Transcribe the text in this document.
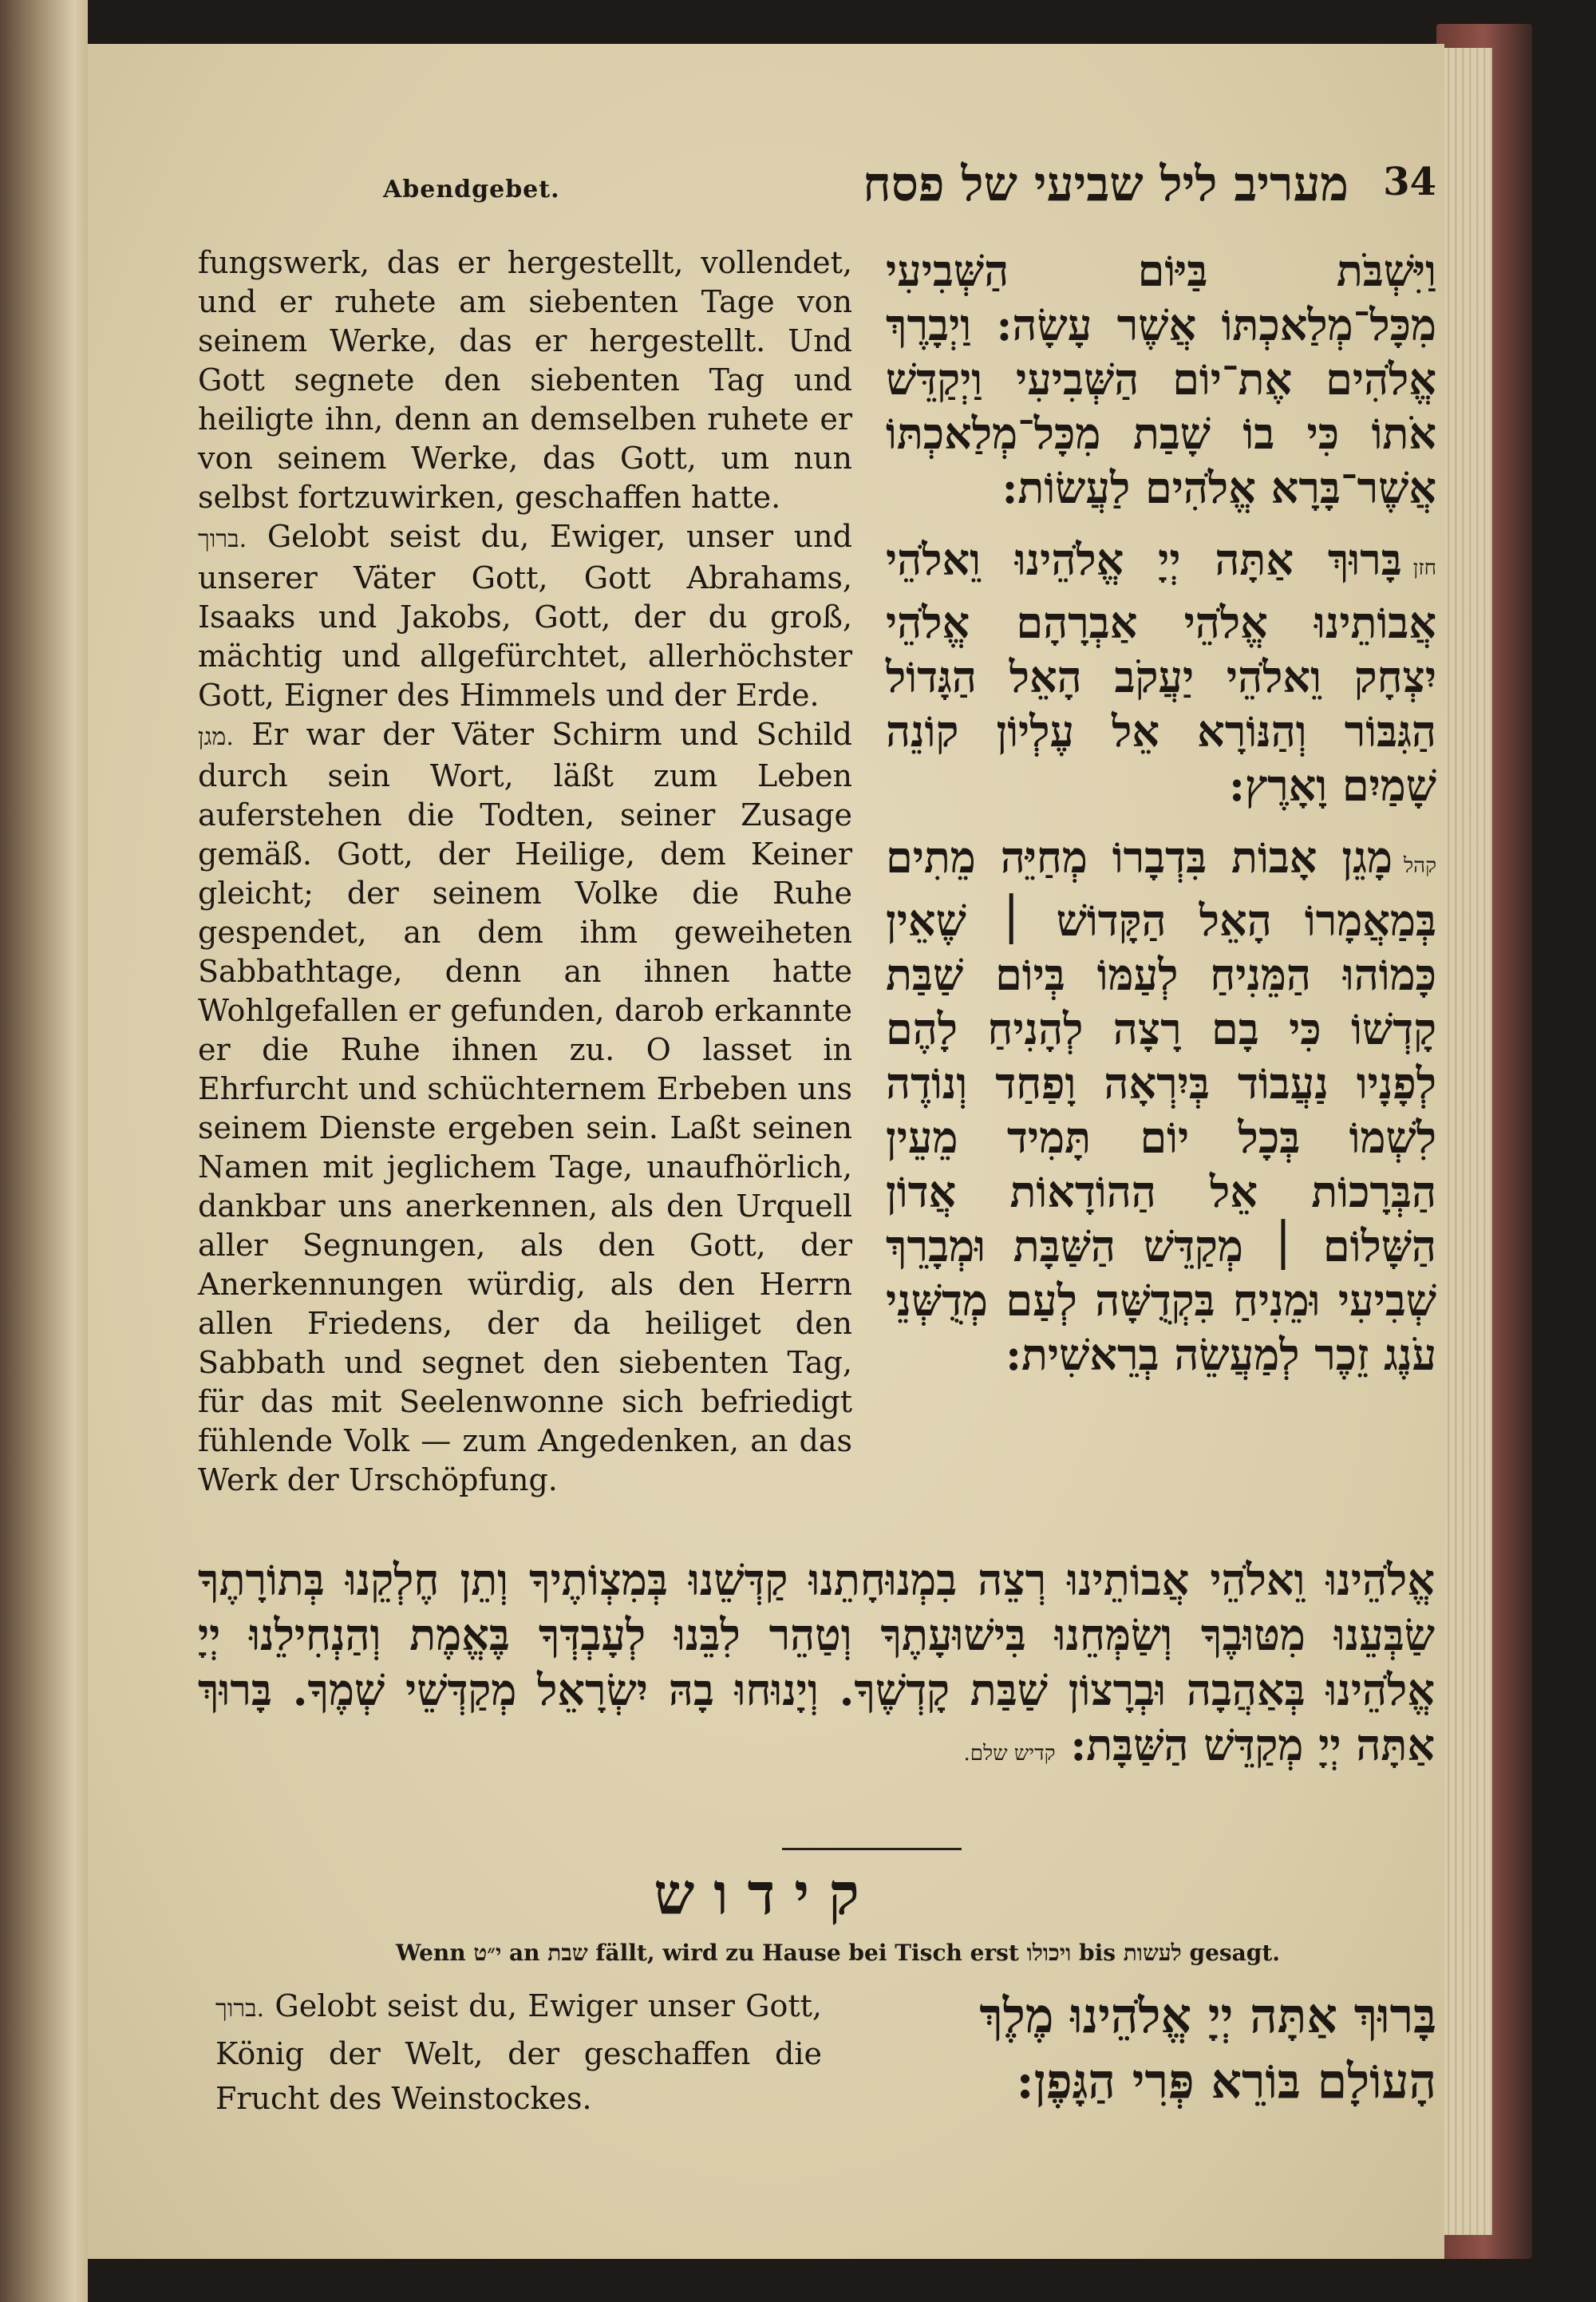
Abendgebet.	מעריב ליל שביעי של פסח 34

fungswerk, das er hergestellt, vollendet, und er ruhete am siebenten Tage von seinem Werke, das er hergestellt. Und Gott segnete den siebenten Tag und heiligte ihn, denn an demselben ruhete er von seinem Werke, das Gott, um nun selbst fortzuwirken, geschaffen hatte.

ברוך. Gelobt seist du, Ewiger, unser und unserer Väter Gott, Gott Abrahams, Isaaks und Jakobs, Gott, der du groß, mächtig und allgefürchtet, allerhöchster Gott, Eigner des Himmels und der Erde.

מגן. Er war der Väter Schirm und Schild durch sein Wort, läßt zum Leben auferstehen die Todten, seiner Zusage gemäß. Gott, der Heilige, dem Keiner gleicht; der seinem Volke die Ruhe gespendet, an dem ihm geweiheten Sabbathtage, denn an ihnen hatte Wohlgefallen er gefunden, darob erkannte er die Ruhe ihnen zu. O lasset in Ehrfurcht und schüchternem Erbeben uns seinem Dienste ergeben sein. Laßt seinen Namen mit jeglichem Tage, unaufhörlich, dankbar uns anerkennen, als den Urquell aller Segnungen, als den Gott, der Anerkennungen würdig, als den Herrn allen Friedens, der da heiliget den Sabbath und segnet den siebenten Tag, für das mit Seelenwonne sich befriedigt fühlende Volk — zum Angedenken, an das Werk der Urschöpfung.

וַיִּשְׁבֹּת בַּיּוֹם הַשְּׁבִיעִי מִכָּל־מְלַאכְתּוֹ אֲשֶׁר עָשָׂה: וַיְבָרֶךְ אֱלֹהִים אֶת־יוֹם הַשְּׁבִיעִי וַיְקַדֵּשׁ אֹתוֹ כִּי בוֹ שָׁבַת מִכָּל־מְלַאכְתּוֹ אֲשֶׁר־בָּרָא אֱלֹהִים לַעֲשׂוֹת:

חזןבָּרוּךְ אַתָּה יְיָ אֱלֹהֵינוּ וֵאלֹהֵי אֲבוֹתֵינוּ אֱלֹהֵי אַבְרָהָם אֱלֹהֵי יִצְחָק וֵאלֹהֵי יַעֲקֹב הָאֵל הַגָּדוֹל הַגִּבּוֹר וְהַנּוֹרָא אֵל עֶלְיוֹן קוֹנֵה שָׁמַיִם וָאָרֶץ:

קהלמָגֵן אָבוֹת בִּדְבָרוֹ מְחַיֵּה מֵתִים בְּמַאֲמָרוֹ הָאֵל הַקָּדוֹשׁ ׀ שֶׁאֵין כָּמוֹהוּ הַמֵּנִיחַ לְעַמּוֹ בְּיוֹם שַׁבַּת קָדְשׁוֹ כִּי בָם רָצָה לְהָנִיחַ לָהֶם לְפָנָיו נַעֲבוֹד בְּיִרְאָה וָפַחַד וְנוֹדֶה לִשְׁמוֹ בְּכָל יוֹם תָּמִיד מֵעֵין הַבְּרָכוֹת אֵל הַהוֹדָאוֹת אֲדוֹן הַשָּׁלוֹם ׀ מְקַדֵּשׁ הַשַּׁבָּת וּמְבָרֵךְ שְׁבִיעִי וּמֵנִיחַ בִּקְדֻשָּׁה לְעַם מְדֻשְּׁנֵי עֹנֶג זֵכֶר לְמַעֲשֵׂה בְרֵאשִׁית:

אֱלֹהֵינוּ וֵאלֹהֵי אֲבוֹתֵינוּ רְצֵה בִמְנוּחָתֵנוּ קַדְּשֵׁנוּ בְּמִצְוֹתֶיךָ וְתֵן חֶלְקֵנוּ בְּתוֹרָתֶךָ שַׂבְּעֵנוּ מִטּוּבֶךָ וְשַׂמְּחֵנוּ בִּישׁוּעָתֶךָ וְטַהֵר לִבֵּנוּ לְעָבְדְּךָ בֶּאֱמֶת וְהַנְחִילֵנוּ יְיָ אֱלֹהֵינוּ בְּאַהֲבָה וּבְרָצוֹן שַׁבַּת קָדְשֶׁךָ. וְיָנוּחוּ בָהּ יִשְׂרָאֵל מְקַדְּשֵׁי שְׁמֶךָ. בָּרוּךְ אַתָּה יְיָ מְקַדֵּשׁ הַשַּׁבָּת: קדיש שלם.
קידוש
Wenn י״ט an שבת fällt, wird zu Hause bei Tisch erst ויכולו bis לעשות gesagt.
ברוך. Gelobt seist du, Ewiger unser Gott, König der Welt, der geschaffen die Frucht des Weinstockes.
בָּרוּךְ אַתָּה יְיָ אֱלֹהֵינוּ מֶלֶךְ הָעוֹלָם בּוֹרֵא פְּרִי הַגָּפֶן:
